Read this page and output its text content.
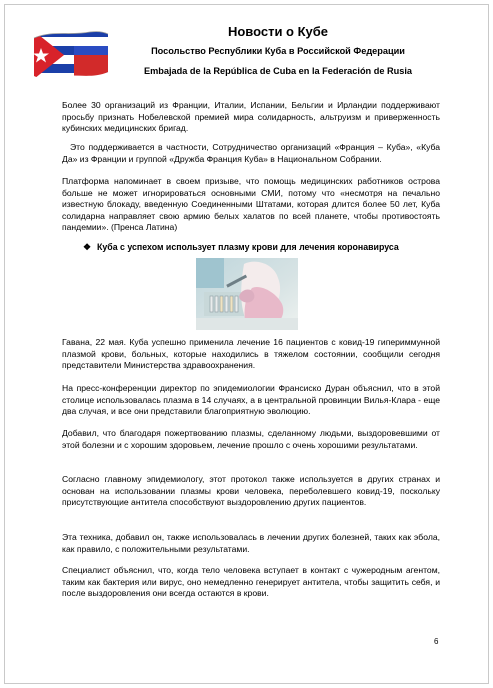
Новости о Кубе
Посольство Республики Куба в Российской Федерации
Embajada de la República de Cuba en la Federación de Rusia

Более 30 организаций из Франции, Италии, Испании, Бельгии и Ирландии поддерживают просьбу признать Нобелевской премией мира солидарность, альтруизм и приверженность кубинских медицинских бригад.

Это поддерживается в частности, Сотрудничество организаций «Франция – Куба», «Куба Да» из Франции и группой «Дружба Франция Куба» в Национальном Собрании.

Платформа напоминает в своем призыве, что помощь медицинских работников острова больше не может игнорироваться основными СМИ, потому что «несмотря на печально известную блокаду, введенную Соединенными Штатами, которая длится более 50 лет, Куба солидарна направляет свою армию белых халатов по всей планете, чтобы противостоять пандемии». (Пренса Латина)

❖ Куба с успехом использует плазму крови для лечения коронавируса

Гавана, 22 мая. Куба успешно применила лечение 16 пациентов с ковид-19 гипериммунной плазмой крови, больных, которые находились в тяжелом состоянии, сообщили сегодня представители Министерства здравоохранения.

На пресс-конференции директор по эпидемиологии Франсиско Дуран объяснил, что в этой столице использовалась плазма в 14 случаях, а в центральной провинции Вилья-Клара - еще два случая, и все они представили благоприятную эволюцию.

Добавил, что благодаря пожертвованию плазмы, сделанному людьми, выздоровевшими от этой болезни и с хорошим здоровьем, лечение прошло с очень хорошими результатами.

Согласно главному эпидемиологу, этот протокол также используется в других странах и основан на использовании плазмы крови человека, переболевшего ковид-19, поскольку присутствующие антитела способствуют выздоровлению других пациентов.

Эта техника, добавил он, также использовалась в лечении других болезней, таких как эбола, как правило, с положительными результатами.

Специалист объяснил, что, когда тело человека вступает в контакт с чужеродным агентом, таким как бактерия или вирус, оно немедленно генерирует антитела, чтобы защитить себя, и после выздоровления они всегда остаются в крови.

6
